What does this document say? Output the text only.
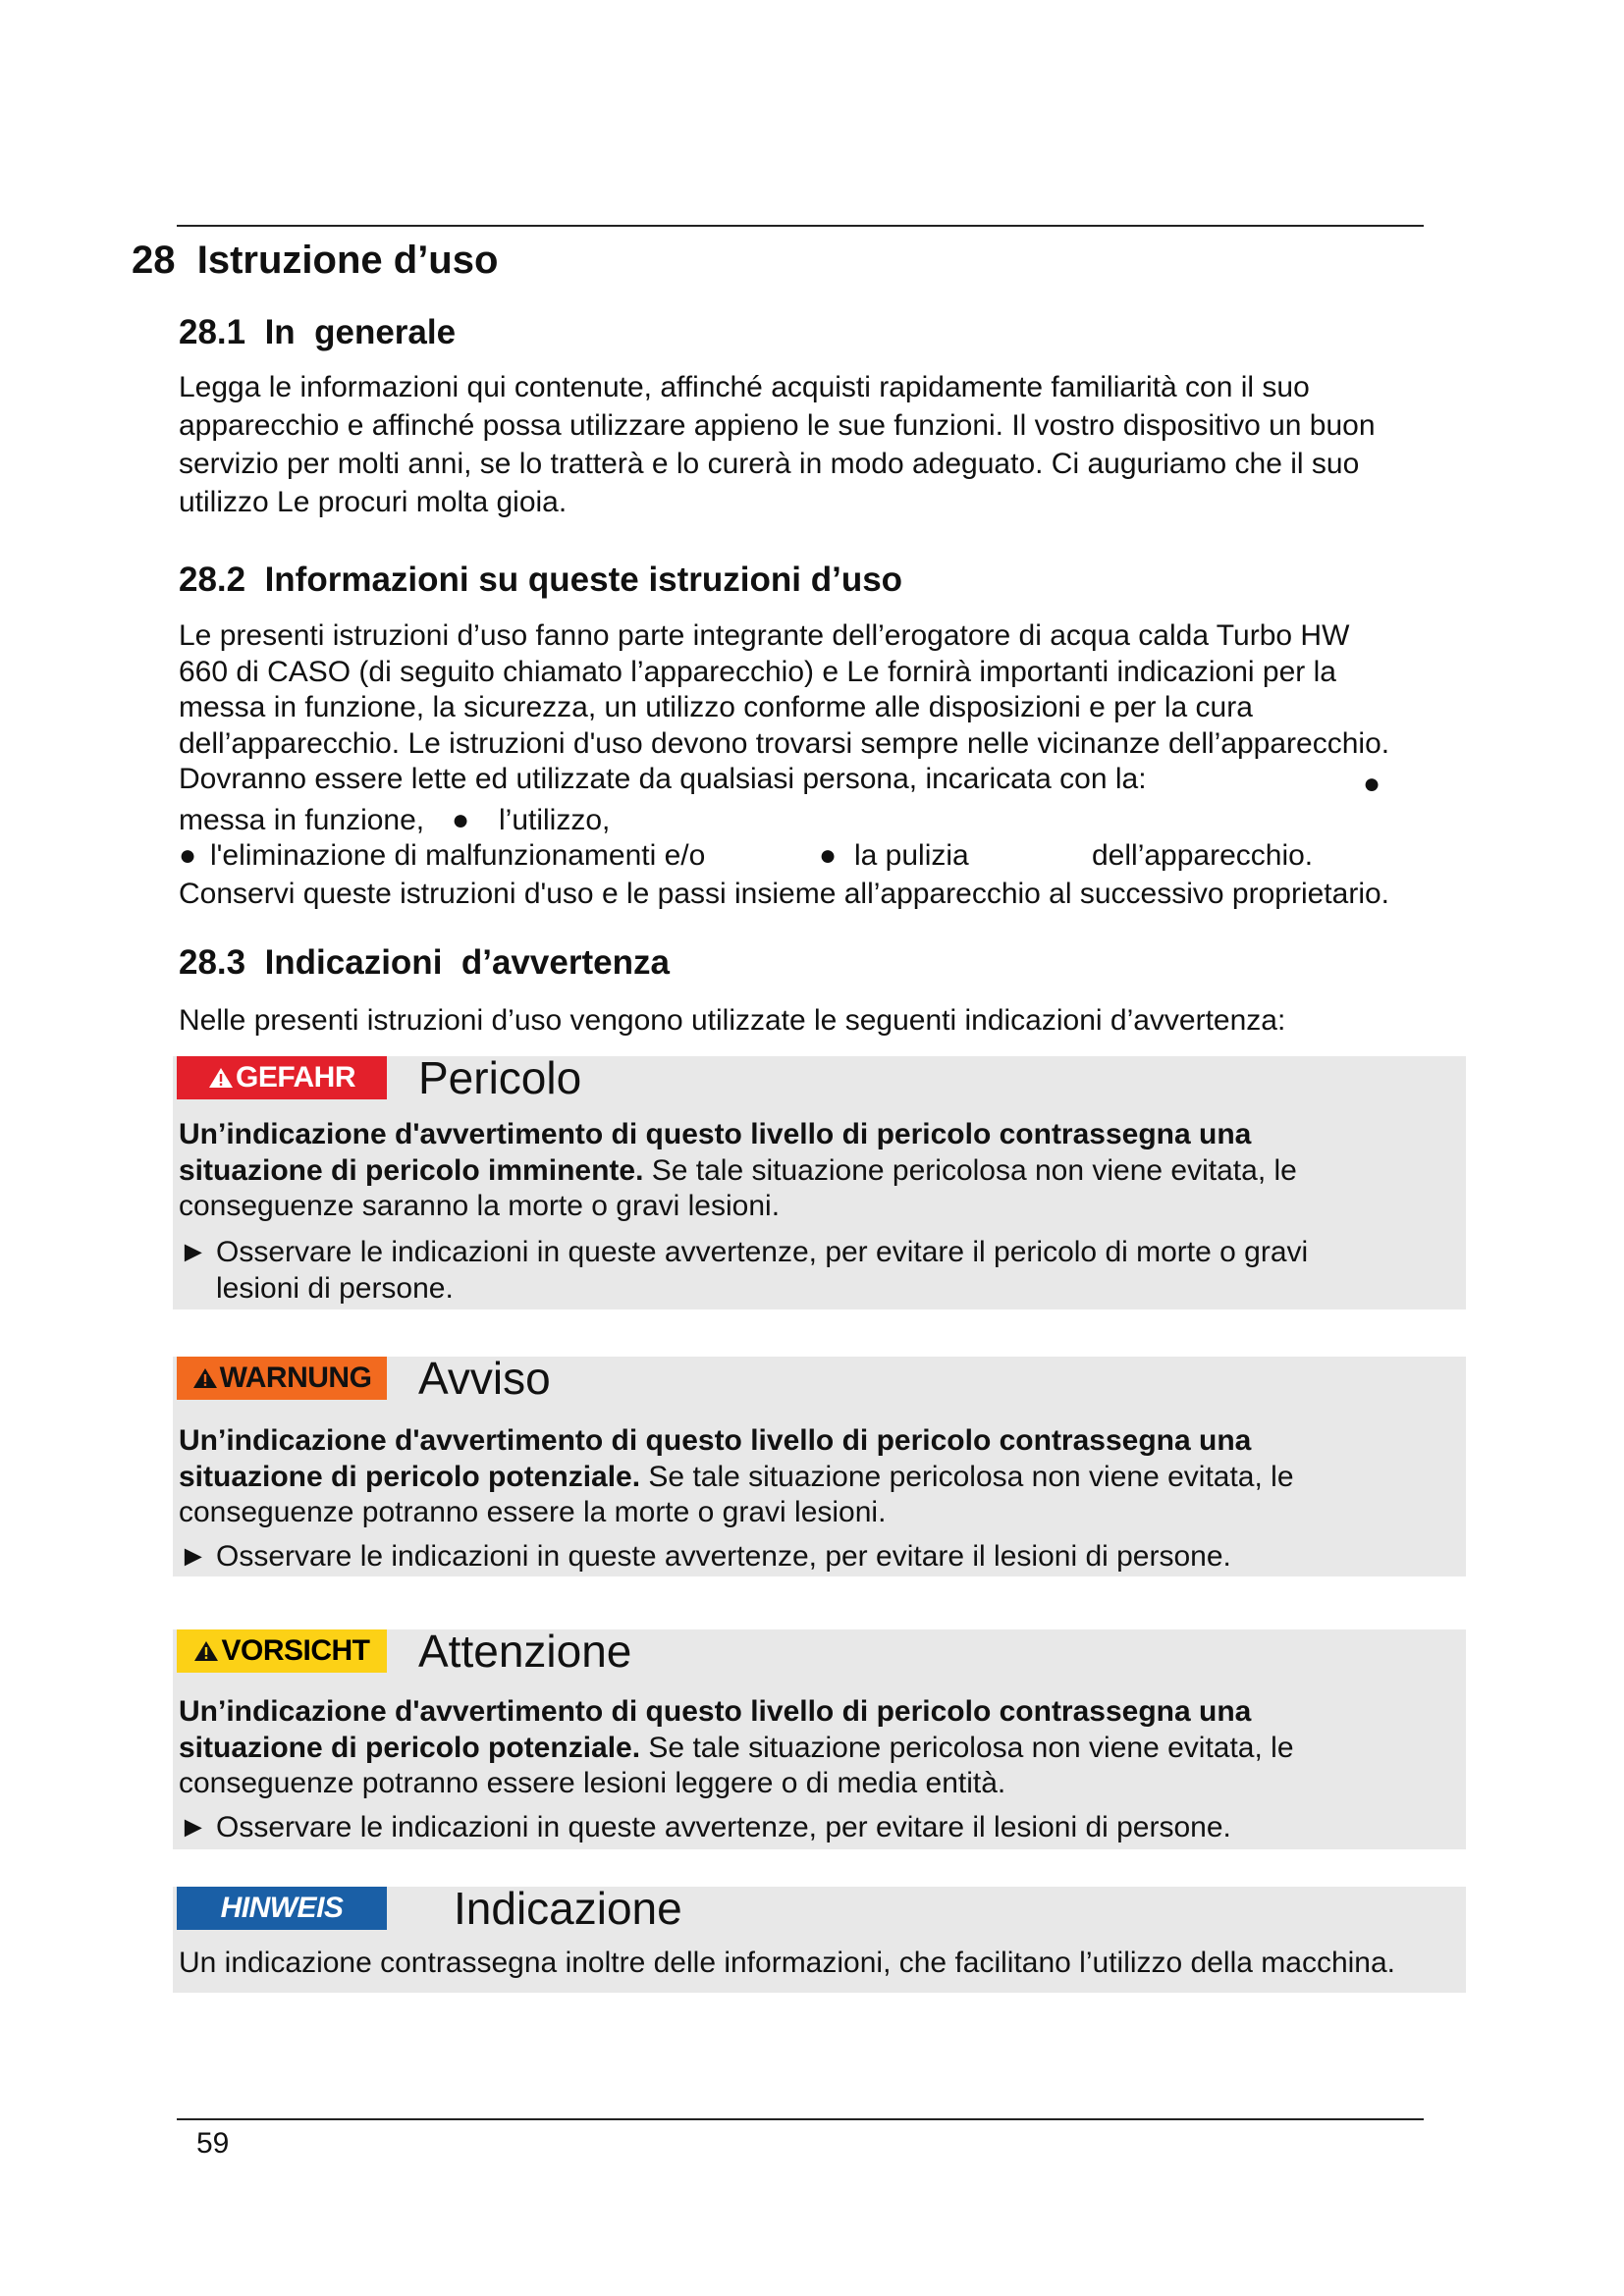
28 Istruzione d’uso
28.1  In  generale
Legga le informazioni qui contenute, affinché acquisti rapidamente familiarità con il suo
apparecchio e affinché possa utilizzare appieno le sue funzioni. Il vostro dispositivo un buon
servizio per molti anni, se lo tratterà e lo curerà in modo adeguato. Ci auguriamo che il suo
utilizzo Le procuri molta gioia.
28.2  Informazioni su queste istruzioni d’uso
Le presenti istruzioni d’uso fanno parte integrante dell’erogatore di acqua calda Turbo HW
660 di CASO (di seguito chiamato l’apparecchio) e Le fornirà importanti indicazioni per la
messa in funzione, la sicurezza, un utilizzo conforme alle disposizioni e per la cura
dell’apparecchio. Le istruzioni d'uso devono trovarsi sempre nelle vicinanze dell’apparecchio.
Dovranno essere lette ed utilizzate da qualsiasi persona, incaricata con la:	●
messa in funzione, ● l’utilizzo,
● l'eliminazione di malfunzionamenti e/o	● la pulizia	dell’apparecchio.
Conservi queste istruzioni d'uso e le passi insieme all’apparecchio al successivo proprietario.
28.3  Indicazioni  d’avvertenza
Nelle presenti istruzioni d’uso vengono utilizzate le seguenti indicazioni d’avvertenza:
GEFAHR Pericolo
Un’indicazione d'avvertimento di questo livello di pericolo contrassegna una
situazione di pericolo imminente. Se tale situazione pericolosa non viene evitata, le
conseguenze saranno la morte o gravi lesioni.
► Osservare le indicazioni in queste avvertenze, per evitare il pericolo di morte o gravi
lesioni di persone.
WARNUNG Avviso
Un’indicazione d'avvertimento di questo livello di pericolo contrassegna una
situazione di pericolo potenziale. Se tale situazione pericolosa non viene evitata, le
conseguenze potranno essere la morte o gravi lesioni.
► Osservare le indicazioni in queste avvertenze, per evitare il lesioni di persone.
VORSICHT Attenzione
Un’indicazione d'avvertimento di questo livello di pericolo contrassegna una
situazione di pericolo potenziale. Se tale situazione pericolosa non viene evitata, le
conseguenze potranno essere lesioni leggere o di media entità.
► Osservare le indicazioni in queste avvertenze, per evitare il lesioni di persone.
HINWEIS Indicazione
Un indicazione contrassegna inoltre delle informazioni, che facilitano l’utilizzo della macchina.
59
